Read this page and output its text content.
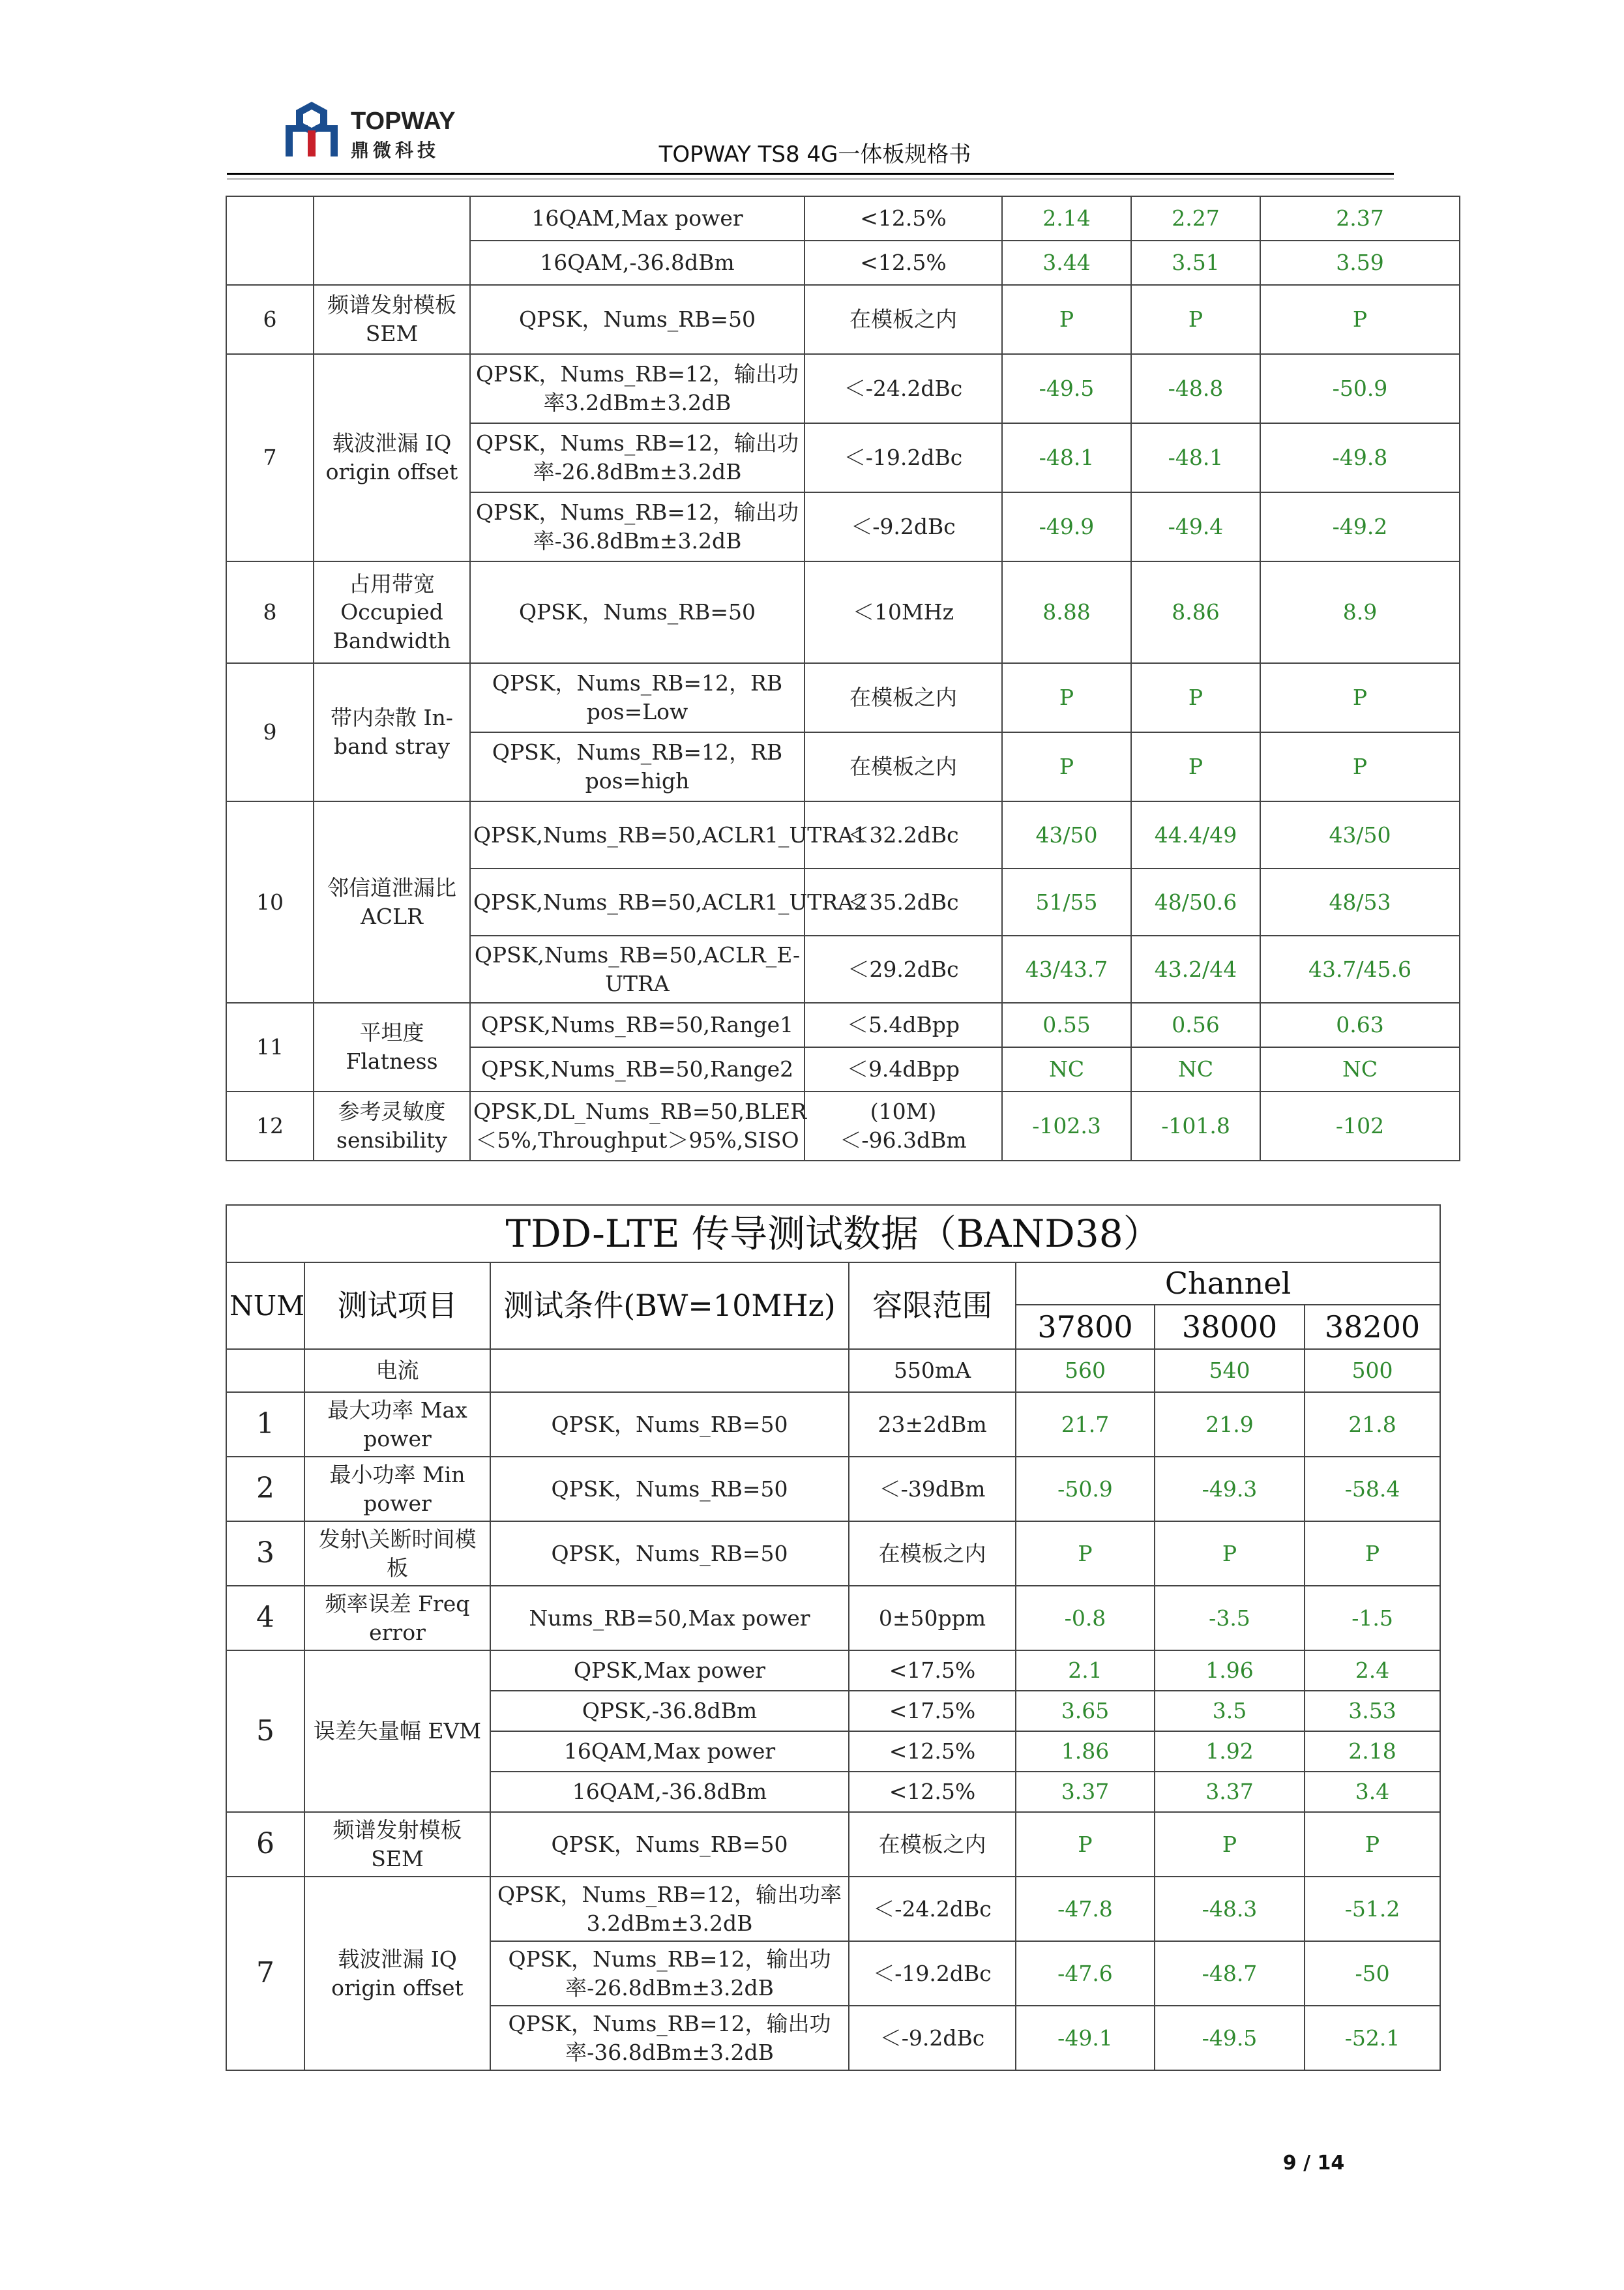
TOPWAY
鼎微科技	TOPWAY TS8 4G一体板规格书
		16QAM,Max power	<12.5%	2.14	2.27	2.37
		16QAM,-36.8dBm	<12.5%	3.44	3.51	3.59
6	频谱发射模板 SEM	QPSK，Nums_RB=50	在模板之内	P	P	P
7	载波泄漏 IQ origin offset	QPSK，Nums_RB=12，输出功率3.2dBm±3.2dB	＜-24.2dBc	-49.5	-48.8	-50.9
		QPSK，Nums_RB=12，输出功率-26.8dBm±3.2dB	＜-19.2dBc	-48.1	-48.1	-49.8
		QPSK，Nums_RB=12，输出功率-36.8dBm±3.2dB	＜-9.2dBc	-49.9	-49.4	-49.2
8	占用带宽 Occupied Bandwidth	QPSK，Nums_RB=50	＜10MHz	8.88	8.86	8.9
9	带内杂散 In-band stray	QPSK，Nums_RB=12，RB pos=Low	在模板之内	P	P	P
		QPSK，Nums_RB=12，RB pos=high	在模板之内	P	P	P
10	邻信道泄漏比 ACLR	QPSK,Nums_RB=50,ACLR1_UTRA1	＜32.2dBc	43/50	44.4/49	43/50
		QPSK,Nums_RB=50,ACLR1_UTRA2	＜35.2dBc	51/55	48/50.6	48/53
		QPSK,Nums_RB=50,ACLR_E-UTRA	＜29.2dBc	43/43.7	43.2/44	43.7/45.6
11	平坦度 Flatness	QPSK,Nums_RB=50,Range1	＜5.4dBpp	0.55	0.56	0.63
		QPSK,Nums_RB=50,Range2	＜9.4dBpp	NC	NC	NC
12	参考灵敏度 sensibility	QPSK,DL_Nums_RB=50,BLER＜5%,Throughput＞95%,SISO	(10M)＜-96.3dBm	-102.3	-101.8	-102
TDD-LTE 传导测试数据（BAND38）						
NUM	测试项目	测试条件(BW=10MHz)	容限范围	Channel		
				37800	38000	38200
	电流		550mA	560	540	500
1	最大功率 Max power	QPSK，Nums_RB=50	23±2dBm	21.7	21.9	21.8
2	最小功率 Min power	QPSK，Nums_RB=50	＜-39dBm	-50.9	-49.3	-58.4
3	发射\关断时间模板	QPSK，Nums_RB=50	在模板之内	P	P	P
4	频率误差 Freq error	Nums_RB=50,Max power	0±50ppm	-0.8	-3.5	-1.5
5	误差矢量幅 EVM	QPSK,Max power	<17.5%	2.1	1.96	2.4
		QPSK,-36.8dBm	<17.5%	3.65	3.5	3.53
		16QAM,Max power	<12.5%	1.86	1.92	2.18
		16QAM,-36.8dBm	<12.5%	3.37	3.37	3.4
6	频谱发射模板 SEM	QPSK，Nums_RB=50	在模板之内	P	P	P
7	载波泄漏 IQ origin offset	QPSK，Nums_RB=12，输出功率3.2dBm±3.2dB	＜-24.2dBc	-47.8	-48.3	-51.2
		QPSK，Nums_RB=12，输出功率-26.8dBm±3.2dB	＜-19.2dBc	-47.6	-48.7	-50
		QPSK，Nums_RB=12，输出功率-36.8dBm±3.2dB	＜-9.2dBc	-49.1	-49.5	-52.1
9 / 14
